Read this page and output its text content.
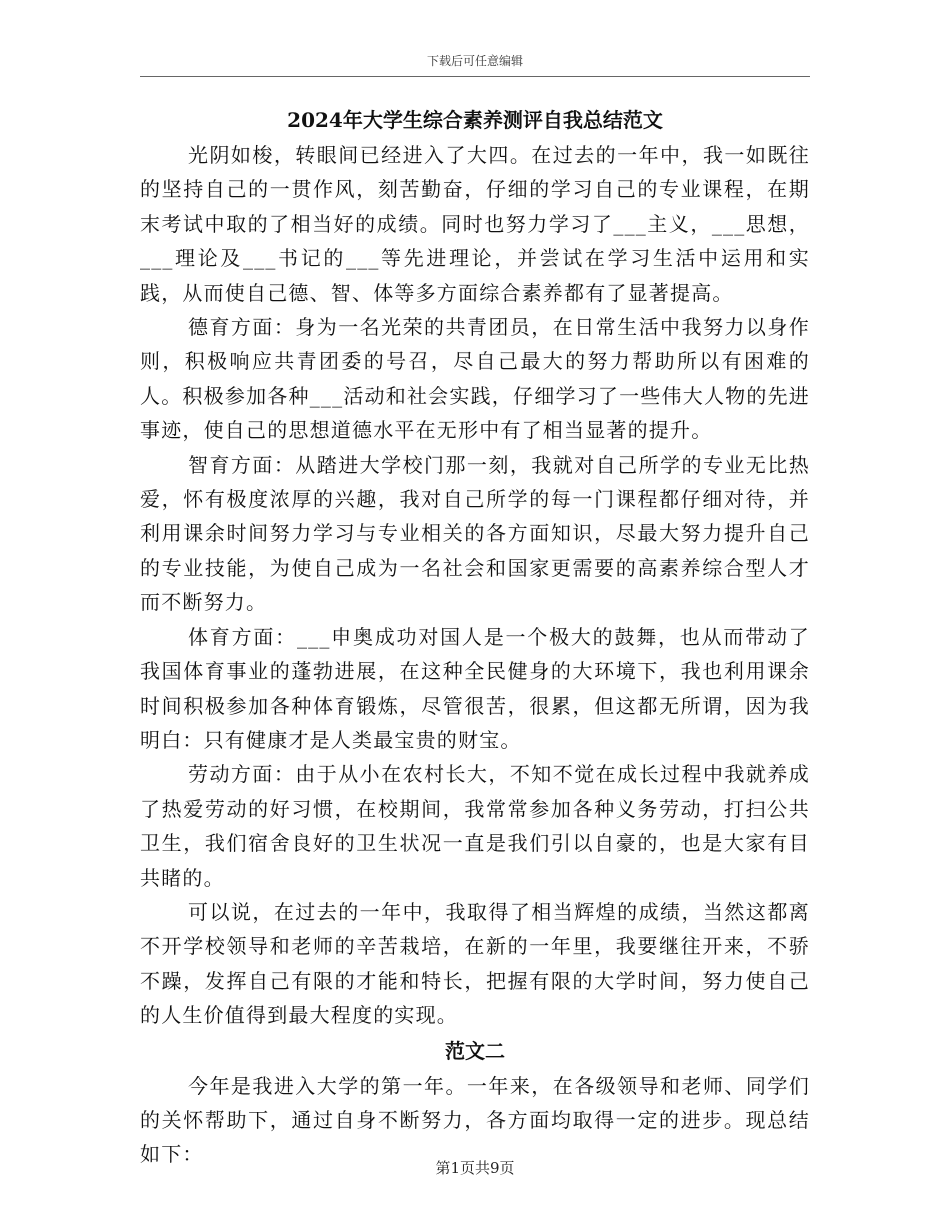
下载后可任意编辑
2024年大学生综合素养测评自我总结范文

光阴如梭，转眼间已经进入了大四。在过去的一年中，我一如既往的坚持自己的一贯作风，刻苦勤奋，仔细的学习自己的专业课程，在期末考试中取的了相当好的成绩。同时也努力学习了___主义，___思想，___理论及___书记的___等先进理论，并尝试在学习生活中运用和实践，从而使自己德、智、体等多方面综合素养都有了显著提高。

德育方面：身为一名光荣的共青团员，在日常生活中我努力以身作则，积极响应共青团委的号召，尽自己最大的努力帮助所以有困难的人。积极参加各种___活动和社会实践，仔细学习了一些伟大人物的先进事迹，使自己的思想道德水平在无形中有了相当显著的提升。

智育方面：从踏进大学校门那一刻，我就对自己所学的专业无比热爱，怀有极度浓厚的兴趣，我对自己所学的每一门课程都仔细对待，并利用课余时间努力学习与专业相关的各方面知识，尽最大努力提升自己的专业技能，为使自己成为一名社会和国家更需要的高素养综合型人才而不断努力。

体育方面：___申奥成功对国人是一个极大的鼓舞，也从而带动了我国体育事业的蓬勃进展，在这种全民健身的大环境下，我也利用课余时间积极参加各种体育锻炼，尽管很苦，很累，但这都无所谓，因为我明白：只有健康才是人类最宝贵的财宝。

劳动方面：由于从小在农村长大，不知不觉在成长过程中我就养成了热爱劳动的好习惯，在校期间，我常常参加各种义务劳动，打扫公共卫生，我们宿舍良好的卫生状况一直是我们引以自豪的，也是大家有目共睹的。

可以说，在过去的一年中，我取得了相当辉煌的成绩，当然这都离不开学校领导和老师的辛苦栽培，在新的一年里，我要继往开来，不骄不躁，发挥自己有限的才能和特长，把握有限的大学时间，努力使自己的人生价值得到最大程度的实现。

范文二

今年是我进入大学的第一年。一年来，在各级领导和老师、同学们的关怀帮助下，通过自身不断努力，各方面均取得一定的进步。现总结如下：

第1页共9页
